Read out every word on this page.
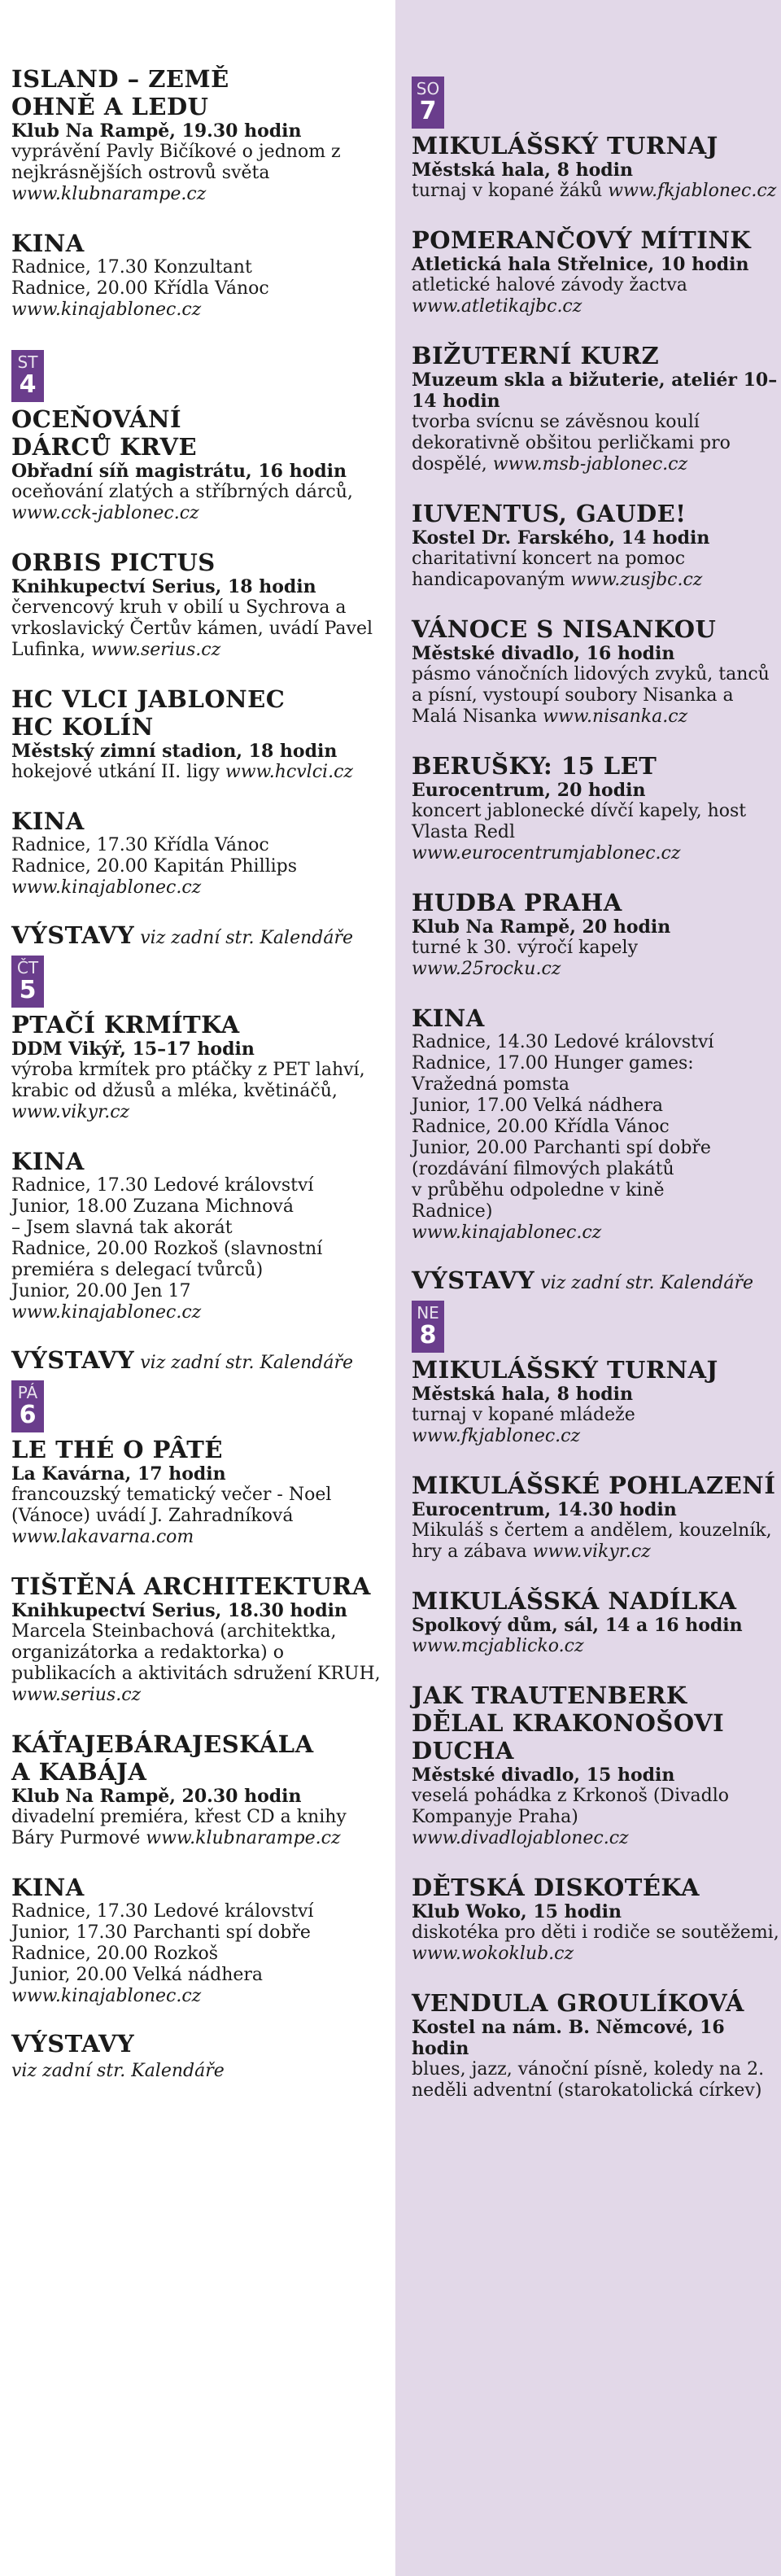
ISLAND – ZEMĚ
OHNĚ A LEDU
Klub Na Rampě, 19.30 hodin
vyprávění Pavly Bičíkové o jednom z nejkrásnějších ostrovů světa www.klubnarampe.cz
KINA
Radnice, 17.30 Konzultant
Radnice, 20.00 Křídla Vánoc
www.kinajablonec.cz
ST
4
OCEŇOVÁNÍ
DÁRCŮ KRVE
Obřadní síň magistrátu, 16 hodin
oceňování zlatých a stříbrných dárců, www.cck-jablonec.cz
ORBIS PICTUS
Knihkupectví Serius, 18 hodin
červencový kruh v obilí u Sychrova a vrkoslavický Čertův kámen, uvádí Pavel Lufinka, www.serius.cz
HC VLCI JABLONEC
HC KOLÍN
Městský zimní stadion, 18 hodin
hokejové utkání II. ligy www.hcvlci.cz
KINA
Radnice, 17.30 Křídla Vánoc
Radnice, 20.00 Kapitán Phillips
www.kinajablonec.cz
VÝSTAVY viz zadní str. Kalendáře
ČT
5
PTAČÍ KRMÍTKA
DDM Vikýř, 15–17 hodin
výroba krmítek pro ptáčky z PET lahví, krabic od džusů a mléka, květináčů, www.vikyr.cz
KINA
Radnice, 17.30 Ledové království
Junior, 18.00 Zuzana Michnová
– Jsem slavná tak akorát
Radnice, 20.00 Rozkoš (slavnostní
premiéra s delegací tvůrců)
Junior, 20.00 Jen 17
www.kinajablonec.cz
VÝSTAVY viz zadní str. Kalendáře
PÁ
6
LE THÉ O PÂTÉ
La Kavárna, 17 hodin
francouzský tematický večer - Noel (Vánoce) uvádí J. Zahradníková www.lakavarna.com
TIŠTĚNÁ ARCHITEKTURA
Knihkupectví Serius, 18.30 hodin
Marcela Steinbachová (architektka, organizátorka a redaktorka) o publikacích a aktivitách sdružení KRUH, www.serius.cz
KÁŤAJEBÁRAJESKÁLA
A KABÁJA
Klub Na Rampě, 20.30 hodin
divadelní premiéra, křest CD a knihy Báry Purmové www.klubnarampe.cz
KINA
Radnice, 17.30 Ledové království
Junior, 17.30 Parchanti spí dobře
Radnice, 20.00 Rozkoš
Junior, 20.00 Velká nádhera
www.kinajablonec.cz
VÝSTAVY
viz zadní str. Kalendáře
SO
7
MIKULÁŠSKÝ TURNAJ
Městská hala, 8 hodin
turnaj v kopané žáků www.fkjablonec.cz
POMERANČOVÝ MÍTINK
Atletická hala Střelnice, 10 hodin
atletické halové závody žactva www.atletikajbc.cz
BIŽUTERNÍ KURZ
Muzeum skla a bižuterie, ateliér 10–14 hodin
tvorba svícnu se závěsnou koulí dekorativně obšitou perličkami pro dospělé, www.msb-jablonec.cz
IUVENTUS, GAUDE!
Kostel Dr. Farského, 14 hodin
charitativní koncert na pomoc handicapovaným www.zusjbc.cz
VÁNOCE S NISANKOU
Městské divadlo, 16 hodin
pásmo vánočních lidových zvyků, tanců a písní, vystoupí soubory Nisanka a Malá Nisanka www.nisanka.cz
BERUŠKY: 15 LET
Eurocentrum, 20 hodin
koncert jablonecké dívčí kapely, host Vlasta Redl www.eurocentrumjablonec.cz
HUDBA PRAHA
Klub Na Rampě, 20 hodin
turné k 30. výročí kapely www.25rocku.cz
KINA
Radnice, 14.30 Ledové království
Radnice, 17.00 Hunger games:
Vražedná pomsta
Junior, 17.00 Velká nádhera
Radnice, 20.00 Křídla Vánoc
Junior, 20.00 Parchanti spí dobře
(rozdávání filmových plakátů
v průběhu odpoledne v kině
Radnice)
www.kinajablonec.cz
VÝSTAVY viz zadní str. Kalendáře
NE
8
MIKULÁŠSKÝ TURNAJ
Městská hala, 8 hodin
turnaj v kopané mládeže www.fkjablonec.cz
MIKULÁŠSKÉ POHLAZENÍ
Eurocentrum, 14.30 hodin
Mikuláš s čertem a andělem, kouzelník, hry a zábava www.vikyr.cz
MIKULÁŠSKÁ NADÍLKA
Spolkový dům, sál, 14 a 16 hodin
www.mcjablicko.cz
JAK TRAUTENBERK
DĚLAL KRAKONOŠOVI
DUCHA
Městské divadlo, 15 hodin
veselá pohádka z Krkonoš (Divadlo Kompanyje Praha) www.divadlojablonec.cz
DĚTSKÁ DISKOTÉKA
Klub Woko, 15 hodin
diskotéka pro děti i rodiče se soutěžemi, www.wokoklub.cz
VENDULA GROULÍKOVÁ
Kostel na nám. B. Němcové, 16 hodin
blues, jazz, vánoční písně, koledy na 2. neděli adventní (starokatolická církev)
